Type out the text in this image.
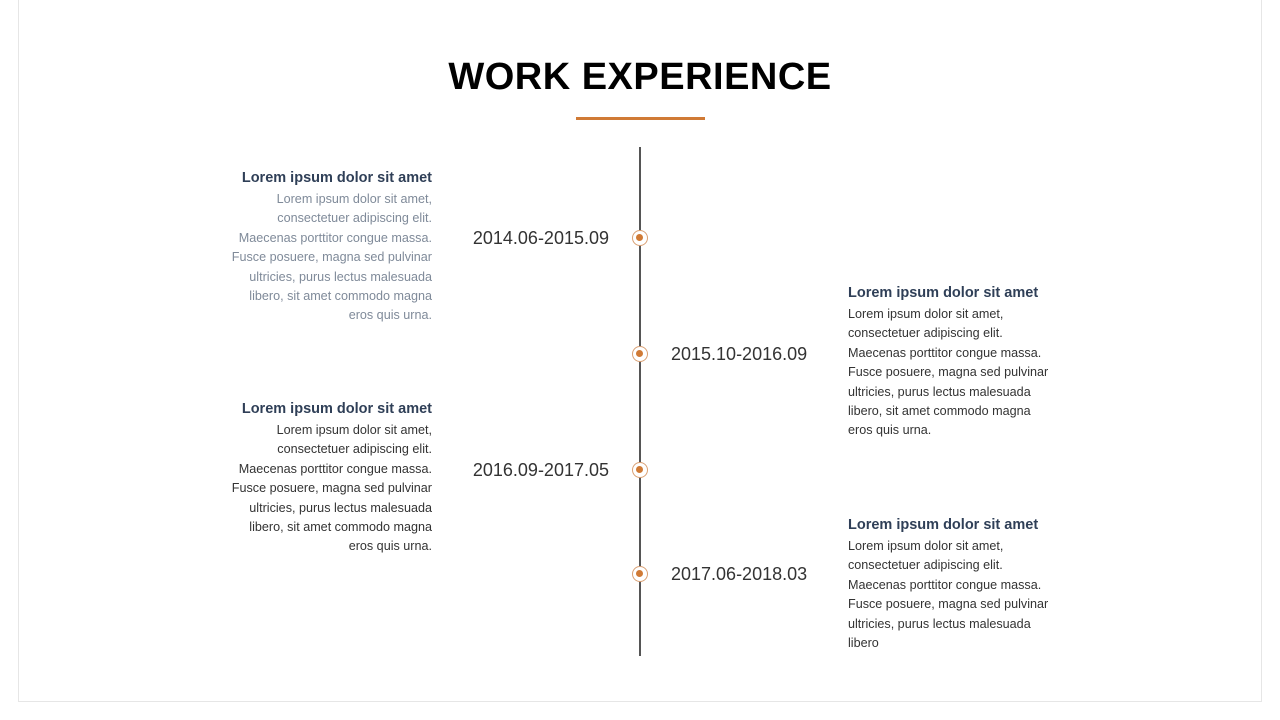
WORK EXPERIENCE

Lorem ipsum dolor sit amet

Lorem ipsum dolor sit amet,
consectetuer adipiscing elit.
Maecenas porttitor congue massa.
Fusce posuere, magna sed pulvinar
ultricies, purus lectus malesuada
libero, sit amet commodo magna
eros quis urna.

2014.06-2015.09

Lorem ipsum dolor sit amet

Lorem ipsum dolor sit amet,
consectetuer adipiscing elit.
Maecenas porttitor congue massa.
Fusce posuere, magna sed pulvinar
ultricies, purus lectus malesuada
libero, sit amet commodo magna
eros quis urna.

2015.10-2016.09

Lorem ipsum dolor sit amet

Lorem ipsum dolor sit amet,
consectetuer adipiscing elit.
Maecenas porttitor congue massa.
Fusce posuere, magna sed pulvinar
ultricies, purus lectus malesuada
libero, sit amet commodo magna
eros quis urna.

2016.09-2017.05

Lorem ipsum dolor sit amet

Lorem ipsum dolor sit amet,
consectetuer adipiscing elit.
Maecenas porttitor congue massa.
Fusce posuere, magna sed pulvinar
ultricies, purus lectus malesuada
libero

2017.06-2018.03
